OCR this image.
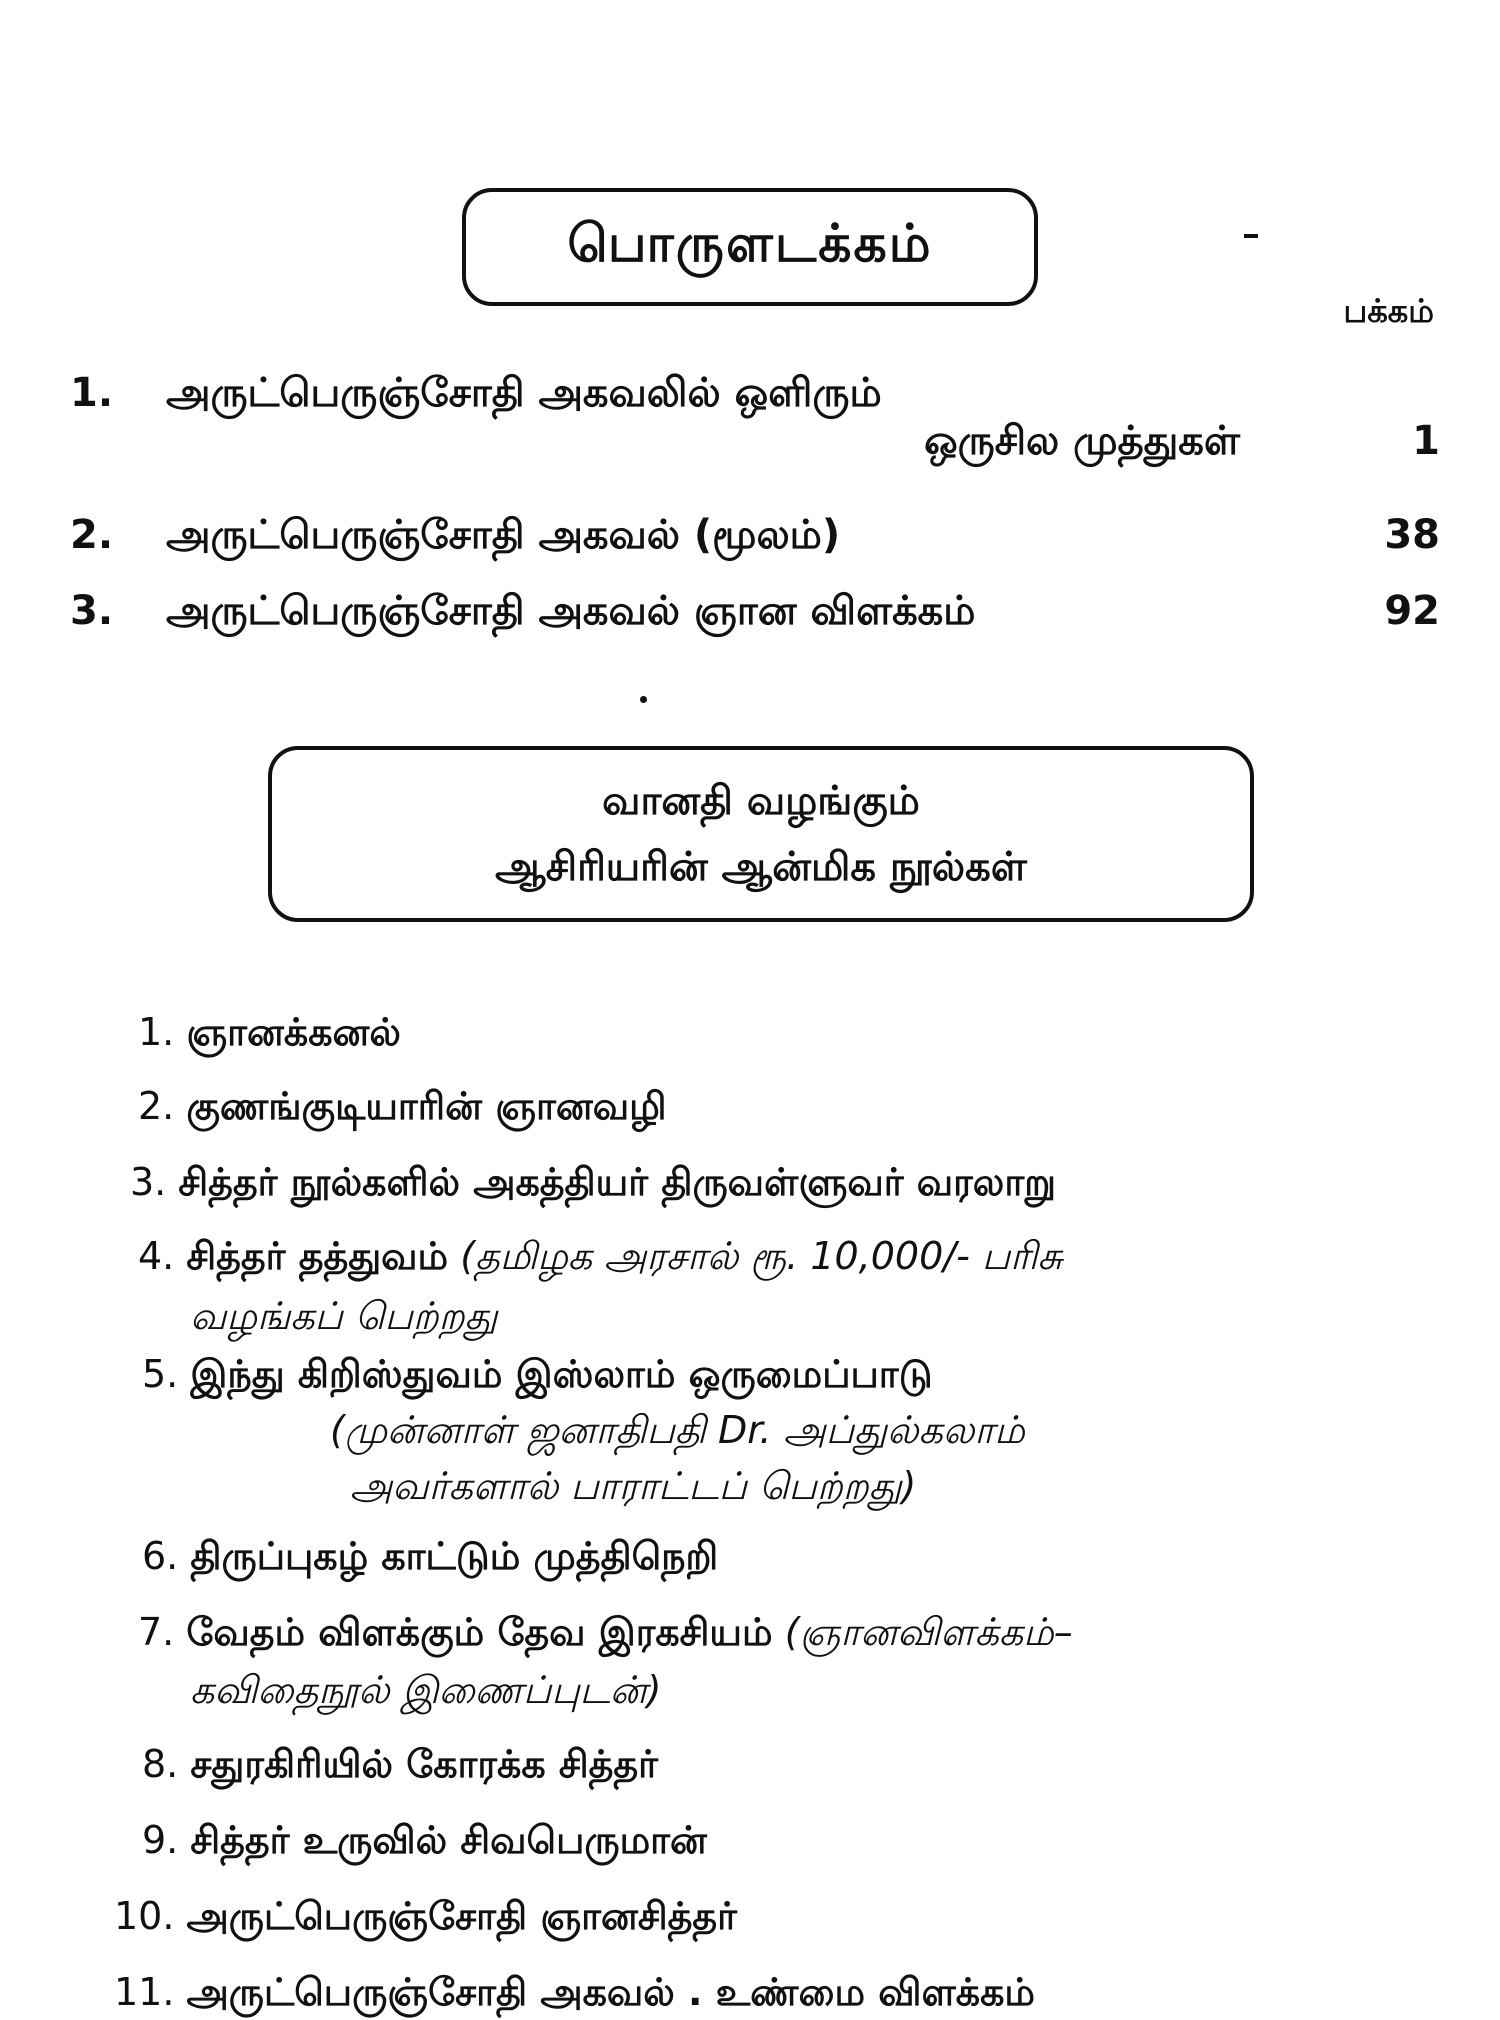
பொருளடக்கம்
பக்கம்
1.	அருட்பெருஞ்சோதி அகவலில் ஒளிரும்
ஒருசில முத்துகள்	1
2.	அருட்பெருஞ்சோதி அகவல் (மூலம்)	38
3.	அருட்பெருஞ்சோதி அகவல் ஞான விளக்கம்	92
வானதி வழங்கும்
ஆசிரியரின் ஆன்மிக நூல்கள்
1. ஞானக்கனல்
2. குணங்குடியாரின் ஞானவழி
3. சித்தர் நூல்களில் அகத்தியர் திருவள்ளுவர் வரலாறு
4. சித்தர் தத்துவம் (தமிழக அரசால் ரூ. 10,000/- பரிசு
வழங்கப் பெற்றது
5. இந்து கிறிஸ்துவம் இஸ்லாம் ஒருமைப்பாடு
(முன்னாள் ஜனாதிபதி Dr. அப்துல்கலாம்
அவர்களால் பாராட்டப் பெற்றது)
6. திருப்புகழ் காட்டும் முத்திநெறி
7. வேதம் விளக்கும் தேவ இரகசியம் (ஞானவிளக்கம்–
கவிதைநூல் இணைப்புடன்)
8. சதுரகிரியில் கோரக்க சித்தர்
9. சித்தர் உருவில் சிவபெருமான்
10. அருட்பெருஞ்சோதி ஞானசித்தர்
11. அருட்பெருஞ்சோதி அகவல் . உண்மை விளக்கம்
